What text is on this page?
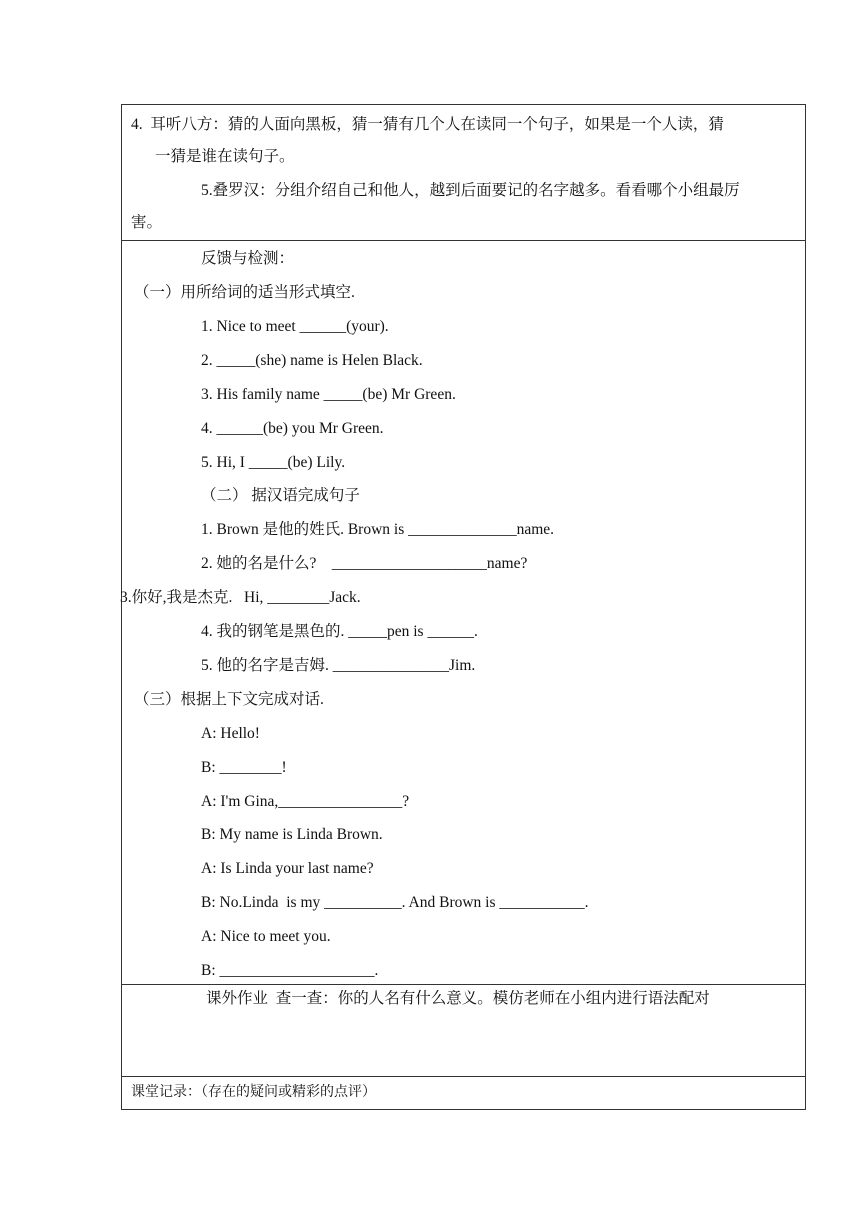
4.  耳听八方：猜的人面向黑板，猜一猜有几个人在读同一个句子，如果是一个人读，猜
一猜是谁在读句子。
5.叠罗汉：分组介绍自己和他人，越到后面要记的名字越多。看看哪个小组最厉
害。
反馈与检测：
（一）用所给词的适当形式填空.
1. Nice to meet ______(your).
2. _____(she) name is Helen Black.
3. His family name _____(be) Mr Green.
4. ______(be) you Mr Green.
5. Hi, I _____(be) Lily.
（二） 据汉语完成句子
1. Brown 是他的姓氏. Brown is ______________name.
2. 她的名是什么?    ____________________name?
3.你好,我是杰克.   Hi, ________Jack.
4. 我的钢笔是黑色的. _____pen is ______.
5. 他的名字是吉姆. _______________Jim.
（三）根据上下文完成对话.
A: Hello!
B: ________!
A: I'm Gina,________________?
B: My name is Linda Brown.
A: Is Linda your last name?
B: No.Linda  is my __________. And Brown is ___________.
A: Nice to meet you.
B: ____________________.
课外作业  查一查：你的人名有什么意义。模仿老师在小组内进行语法配对
课堂记录：（存在的疑问或精彩的点评）
